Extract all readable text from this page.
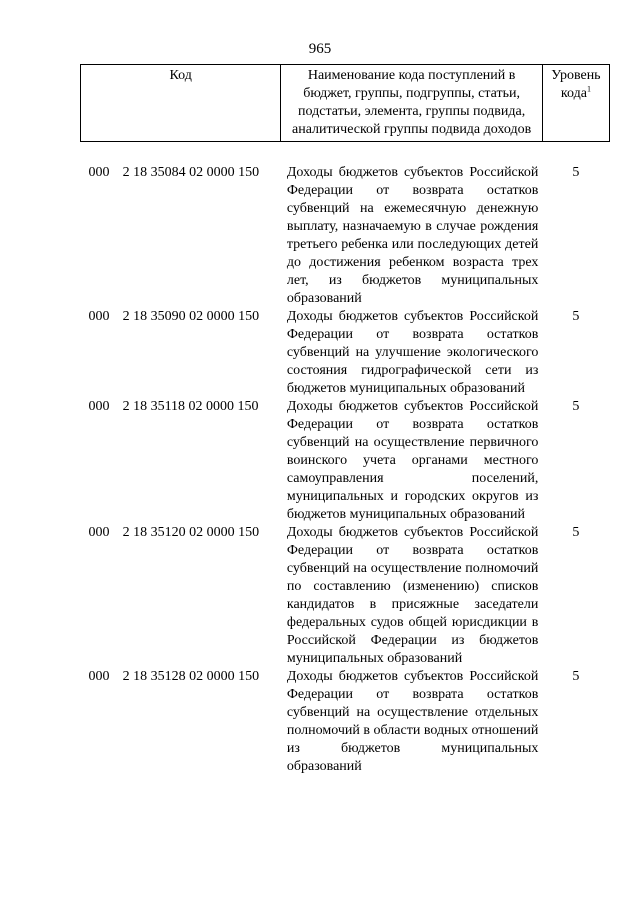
965
Код		Наименование кода поступлений в бюджет, группы, подгруппы, статьи, подстатьи, элемента, группы подвида, аналитической группы подвида доходов	Уровень кода$^1$

000	2 18 35084 02 0000 150	Доходы бюджетов субъектов Российской Федерации от возврата остатков субвенций на ежемесячную денежную выплату, назначаемую в случае рождения третьего ребенка или последующих детей до достижения ребенком возраста трех лет, из бюджетов муниципальных образований	5
000	2 18 35090 02 0000 150	Доходы бюджетов субъектов Российской Федерации от возврата остатков субвенций на улучшение экологического состояния гидрографической сети из бюджетов муниципальных образований	5
000	2 18 35118 02 0000 150	Доходы бюджетов субъектов Российской Федерации от возврата остатков субвенций на осуществление первичного воинского учета органами местного самоуправления поселений, муниципальных и городских округов из бюджетов муниципальных образований	5
000	2 18 35120 02 0000 150	Доходы бюджетов субъектов Российской Федерации от возврата остатков субвенций на осуществление полномочий по составлению (изменению) списков кандидатов в присяжные заседатели федеральных судов общей юрисдикции в Российской Федерации из бюджетов муниципальных образований	5
000	2 18 35128 02 0000 150	Доходы бюджетов субъектов Российской Федерации от возврата остатков субвенций на осуществление отдельных полномочий в области водных отношений из бюджетов муниципальных образований	5
